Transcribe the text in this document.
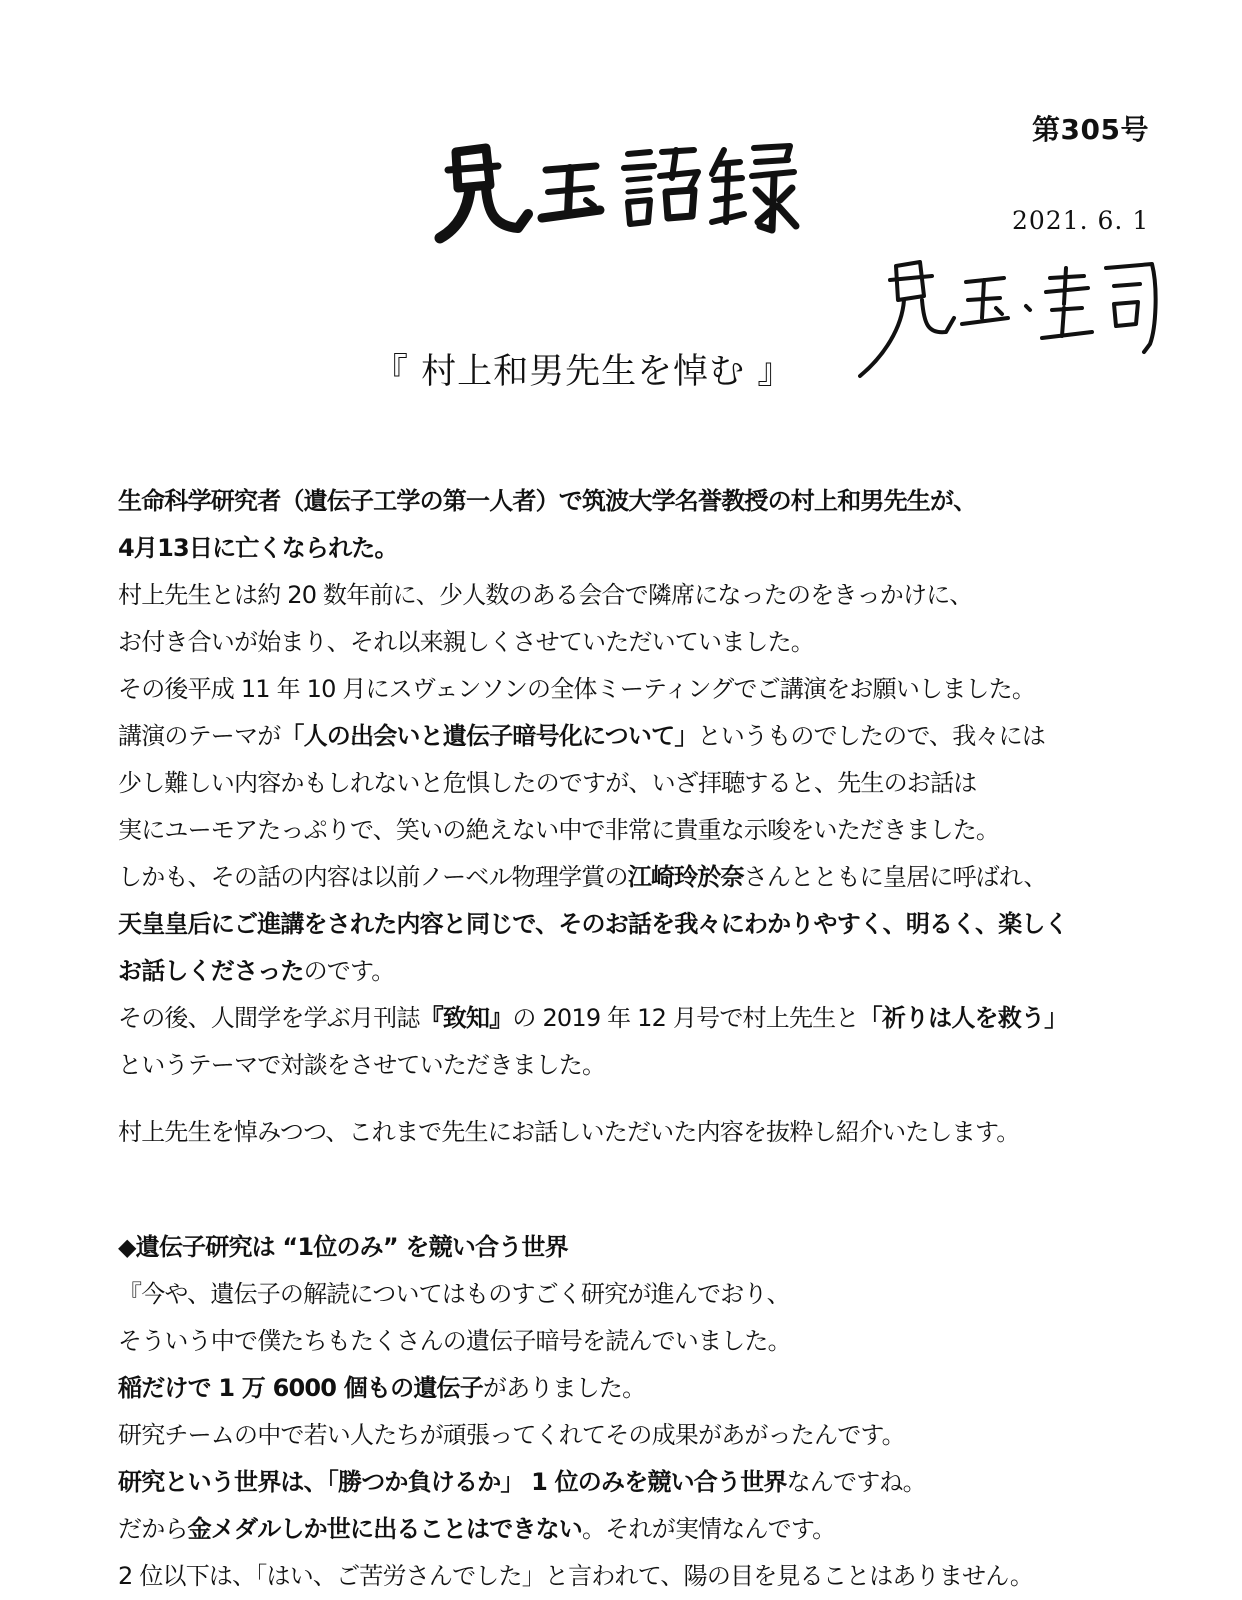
第305号
2021. 6. 1
『 村上和男先生を悼む 』
生命科学研究者（遺伝子工学の第一人者）で筑波大学名誉教授の村上和男先生が、
4月13日に亡くなられた。
村上先生とは約 20 数年前に、少人数のある会合で隣席になったのをきっかけに、
お付き合いが始まり、それ以来親しくさせていただいていました。
その後平成 11 年 10 月にスヴェンソンの全体ミーティングでご講演をお願いしました。
講演のテーマが「人の出会いと遺伝子暗号化について」というものでしたので、我々には
少し難しい内容かもしれないと危惧したのですが、いざ拝聴すると、先生のお話は
実にユーモアたっぷりで、笑いの絶えない中で非常に貴重な示唆をいただきました。
しかも、その話の内容は以前ノーベル物理学賞の江崎玲於奈さんとともに皇居に呼ばれ、
天皇皇后にご進講をされた内容と同じで、そのお話を我々にわかりやすく、明るく、楽しく
お話しくださったのです。
その後、人間学を学ぶ月刊誌『致知』の 2019 年 12 月号で村上先生と「祈りは人を救う」
というテーマで対談をさせていただきました。
村上先生を悼みつつ、これまで先生にお話しいただいた内容を抜粋し紹介いたします。
◆遺伝子研究は “1位のみ” を競い合う世界
『今や、遺伝子の解読についてはものすごく研究が進んでおり、
そういう中で僕たちもたくさんの遺伝子暗号を読んでいました。
稲だけで 1 万 6000 個もの遺伝子がありました。
研究チームの中で若い人たちが頑張ってくれてその成果があがったんです。
研究という世界は、「勝つか負けるか」 1 位のみを競い合う世界なんですね。
だから金メダルしか世に出ることはできない。それが実情なんです。
2 位以下は、「はい、ご苦労さんでした」と言われて、陽の目を見ることはありません。
